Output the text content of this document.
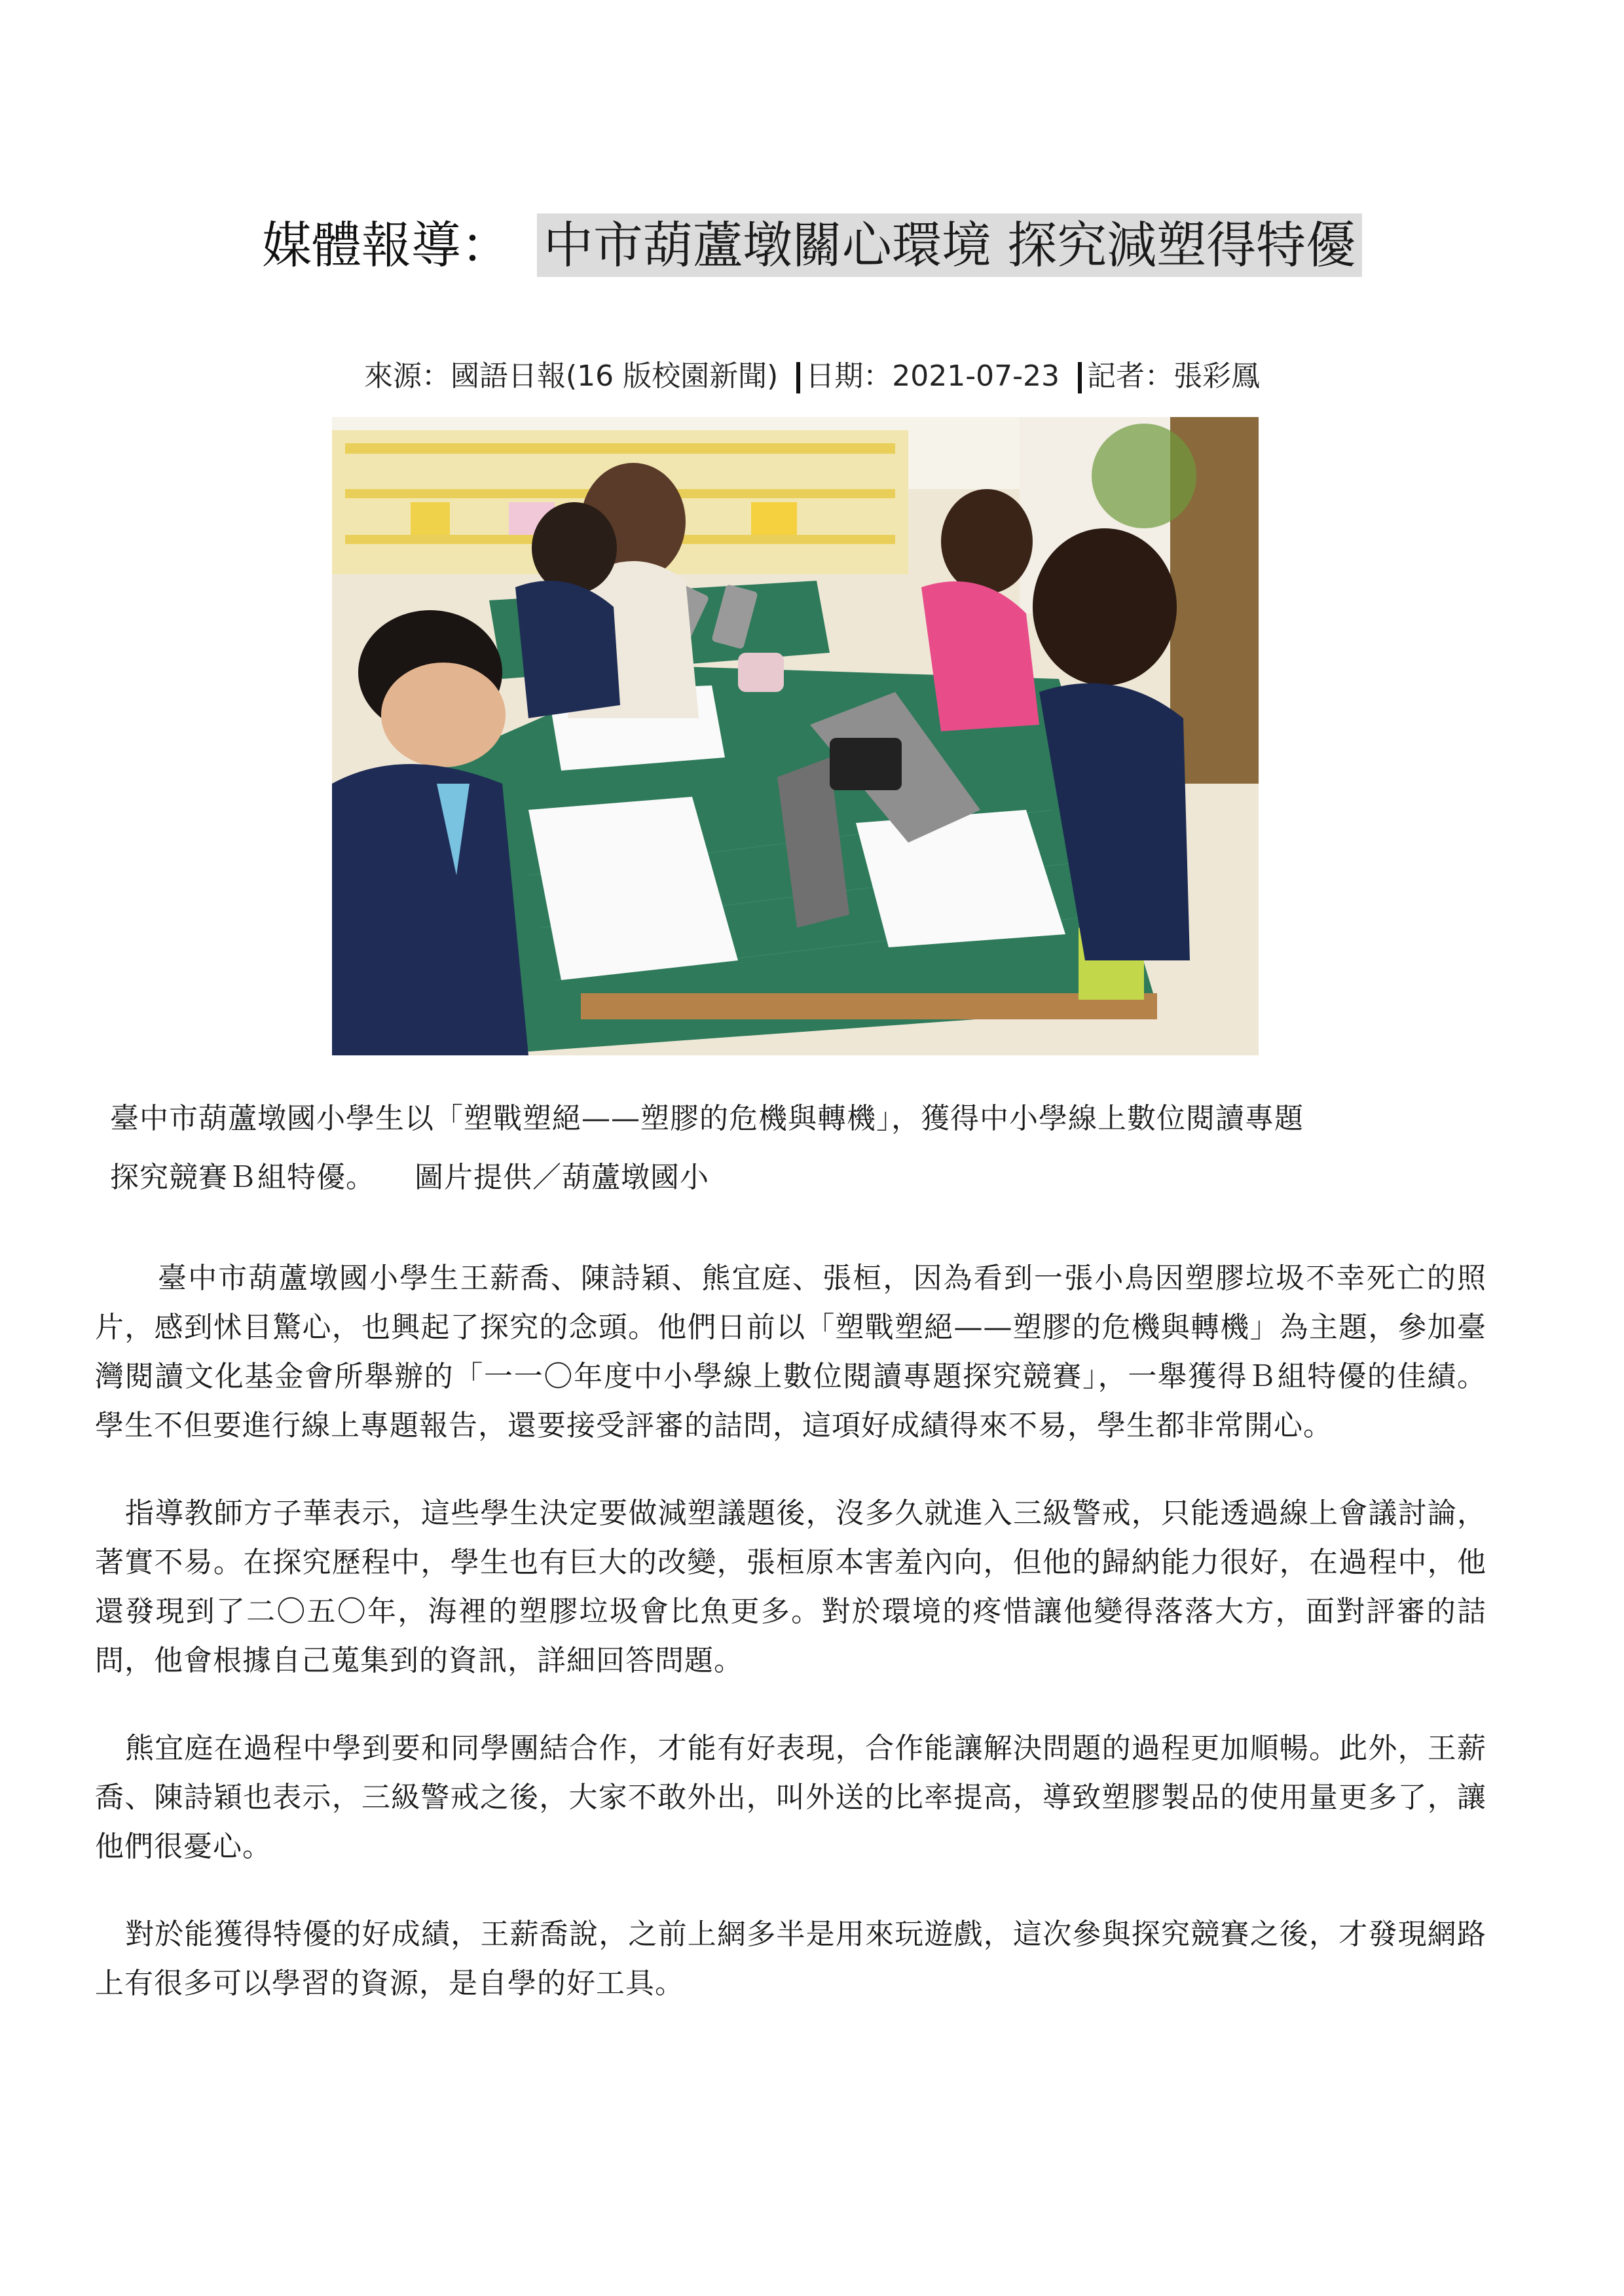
媒體報導： 中市葫蘆墩關心環境 探究減塑得特優
來源：國語日報(16 版校園新聞) 日期：2021-07-23 記者：張彩鳳

臺中市葫蘆墩國小學生以「塑戰塑絕——塑膠的危機與轉機」，獲得中小學線上數位閱讀專題

探究競賽Ｂ組特優。 圖片提供／葫蘆墩國小

臺中市葫蘆墩國小學生王薪喬、陳詩穎、熊宜庭、張桓，因為看到一張小鳥因塑膠垃圾不幸死亡的照片，感到怵目驚心，也興起了探究的念頭。他們日前以「塑戰塑絕——塑膠的危機與轉機」為主題，參加臺灣閱讀文化基金會所舉辦的「一一〇年度中小學線上數位閱讀專題探究競賽」，一舉獲得Ｂ組特優的佳績。學生不但要進行線上專題報告，還要接受評審的詰問，這項好成績得來不易，學生都非常開心。

指導教師方子華表示，這些學生決定要做減塑議題後，沒多久就進入三級警戒，只能透過線上會議討論，著實不易。在探究歷程中，學生也有巨大的改變，張桓原本害羞內向，但他的歸納能力很好，在過程中，他還發現到了二〇五〇年，海裡的塑膠垃圾會比魚更多。對於環境的疼惜讓他變得落落大方，面對評審的詰問，他會根據自己蒐集到的資訊，詳細回答問題。

熊宜庭在過程中學到要和同學團結合作，才能有好表現，合作能讓解決問題的過程更加順暢。此外，王薪喬、陳詩穎也表示，三級警戒之後，大家不敢外出，叫外送的比率提高，導致塑膠製品的使用量更多了，讓他們很憂心。

對於能獲得特優的好成績，王薪喬說，之前上網多半是用來玩遊戲，這次參與探究競賽之後，才發現網路上有很多可以學習的資源，是自學的好工具。
